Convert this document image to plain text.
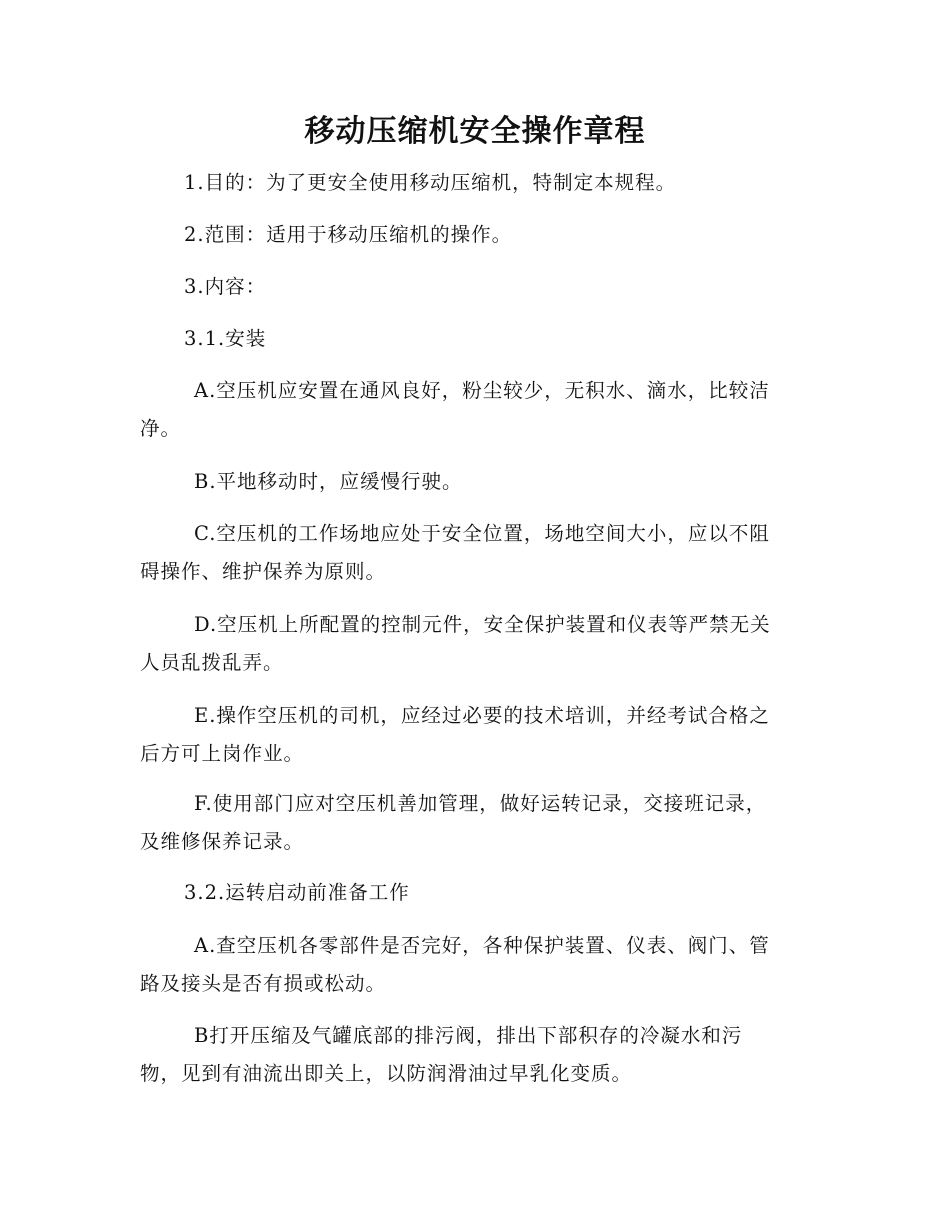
移动压缩机安全操作章程

1.目的：为了更安全使用移动压缩机，特制定本规程。

2.范围：适用于移动压缩机的操作。

3.内容：

3.1.安装

A.空压机应安置在通风良好，粉尘较少，无积水、滴水，比较洁
净。

B.平地移动时，应缓慢行驶。

C.空压机的工作场地应处于安全位置，场地空间大小，应以不阻
碍操作、维护保养为原则。

D.空压机上所配置的控制元件，安全保护装置和仪表等严禁无关
人员乱拨乱弄。

E.操作空压机的司机，应经过必要的技术培训，并经考试合格之
后方可上岗作业。

F.使用部门应对空压机善加管理，做好运转记录，交接班记录，
及维修保养记录。

3.2.运转启动前准备工作

A.查空压机各零部件是否完好，各种保护装置、仪表、阀门、管
路及接头是否有损或松动。

B打开压缩及气罐底部的排污阀，排出下部积存的冷凝水和污
物，见到有油流出即关上，以防润滑油过早乳化变质。
